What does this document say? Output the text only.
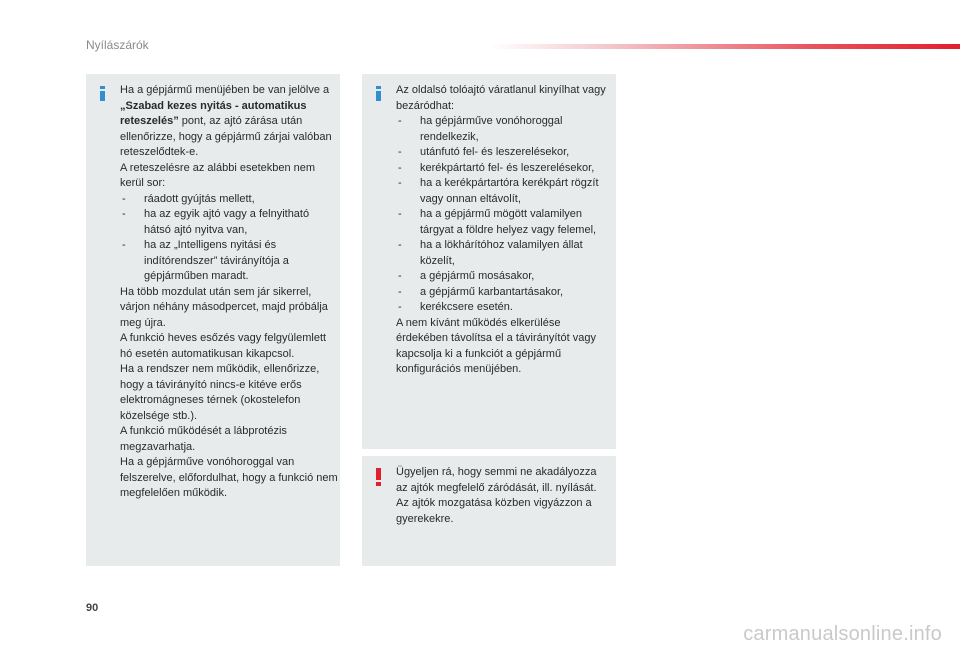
Nyílászárók

Ha a gépjármű menüjében be van jelölve a „Szabad kezes nyitás - automatikus reteszelés” pont, az ajtó zárása után ellenőrizze, hogy a gépjármű zárjai valóban reteszelődtek-e.

A reteszelésre az alábbi esetekben nem kerül sor:

- ráadott gyújtás mellett,

- ha az egyik ajtó vagy a felnyitható hátsó ajtó nyitva van,

- ha az „Intelligens nyitási és indítórendszer” távirányítója a gépjárműben maradt.

Ha több mozdulat után sem jár sikerrel, várjon néhány másodpercet, majd próbálja meg újra.

A funkció heves esőzés vagy felgyülemlett hó esetén automatikusan kikapcsol.

Ha a rendszer nem működik, ellenőrizze, hogy a távirányító nincs-e kitéve erős elektromágneses térnek (okostelefon közelsége stb.).

A funkció működését a lábprotézis megzavarhatja.

Ha a gépjárműve vonóhoroggal van felszerelve, előfordulhat, hogy a funkció nem megfelelően működik.

Az oldalsó tolóajtó váratlanul kinyílhat vagy bezáródhat:

- ha gépjárműve vonóhoroggal rendelkezik,

- utánfutó fel- és leszerelésekor,

- kerékpártartó fel- és leszerelésekor,

- ha a kerékpártartóra kerékpárt rögzít vagy onnan eltávolít,

- ha a gépjármű mögött valamilyen tárgyat a földre helyez vagy felemel,

- ha a lökhárítóhoz valamilyen állat közelít,

- a gépjármű mosásakor,

- a gépjármű karbantartásakor,

- kerékcsere esetén.

A nem kívánt működés elkerülése érdekében távolítsa el a távirányítót vagy kapcsolja ki a funkciót a gépjármű konfigurációs menüjében.

Ügyeljen rá, hogy semmi ne akadályozza az ajtók megfelelő záródását, ill. nyílását.

Az ajtók mozgatása közben vigyázzon a gyerekekre.

90
carmanualsonline.info
